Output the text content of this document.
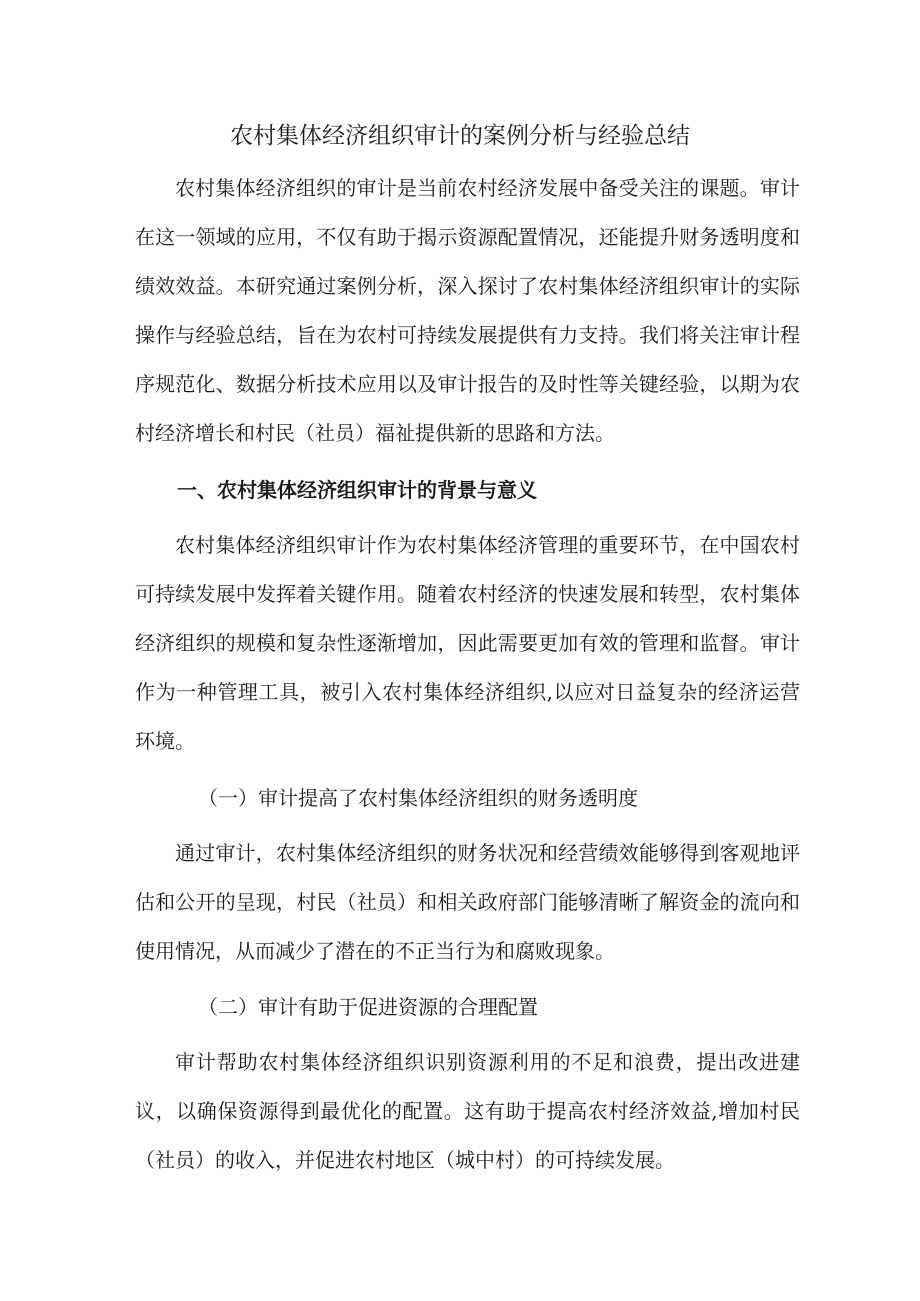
农村集体经济组织审计的案例分析与经验总结

农村集体经济组织的审计是当前农村经济发展中备受关注的课题。审计在这一领域的应用，不仅有助于揭示资源配置情况，还能提升财务透明度和绩效效益。本研究通过案例分析，深入探讨了农村集体经济组织审计的实际操作与经验总结，旨在为农村可持续发展提供有力支持。我们将关注审计程序规范化、数据分析技术应用以及审计报告的及时性等关键经验，以期为农村经济增长和村民（社员）福祉提供新的思路和方法。

一、农村集体经济组织审计的背景与意义

农村集体经济组织审计作为农村集体经济管理的重要环节，在中国农村可持续发展中发挥着关键作用。随着农村经济的快速发展和转型，农村集体经济组织的规模和复杂性逐渐增加，因此需要更加有效的管理和监督。审计作为一种管理工具，被引入农村集体经济组织,以应对日益复杂的经济运营环境。

（一）审计提高了农村集体经济组织的财务透明度

通过审计，农村集体经济组织的财务状况和经营绩效能够得到客观地评估和公开的呈现，村民（社员）和相关政府部门能够清晰了解资金的流向和使用情况，从而减少了潜在的不正当行为和腐败现象。

（二）审计有助于促进资源的合理配置

审计帮助农村集体经济组织识别资源利用的不足和浪费，提出改进建议，以确保资源得到最优化的配置。这有助于提高农村经济效益,增加村民（社员）的收入，并促进农村地区（城中村）的可持续发展。
